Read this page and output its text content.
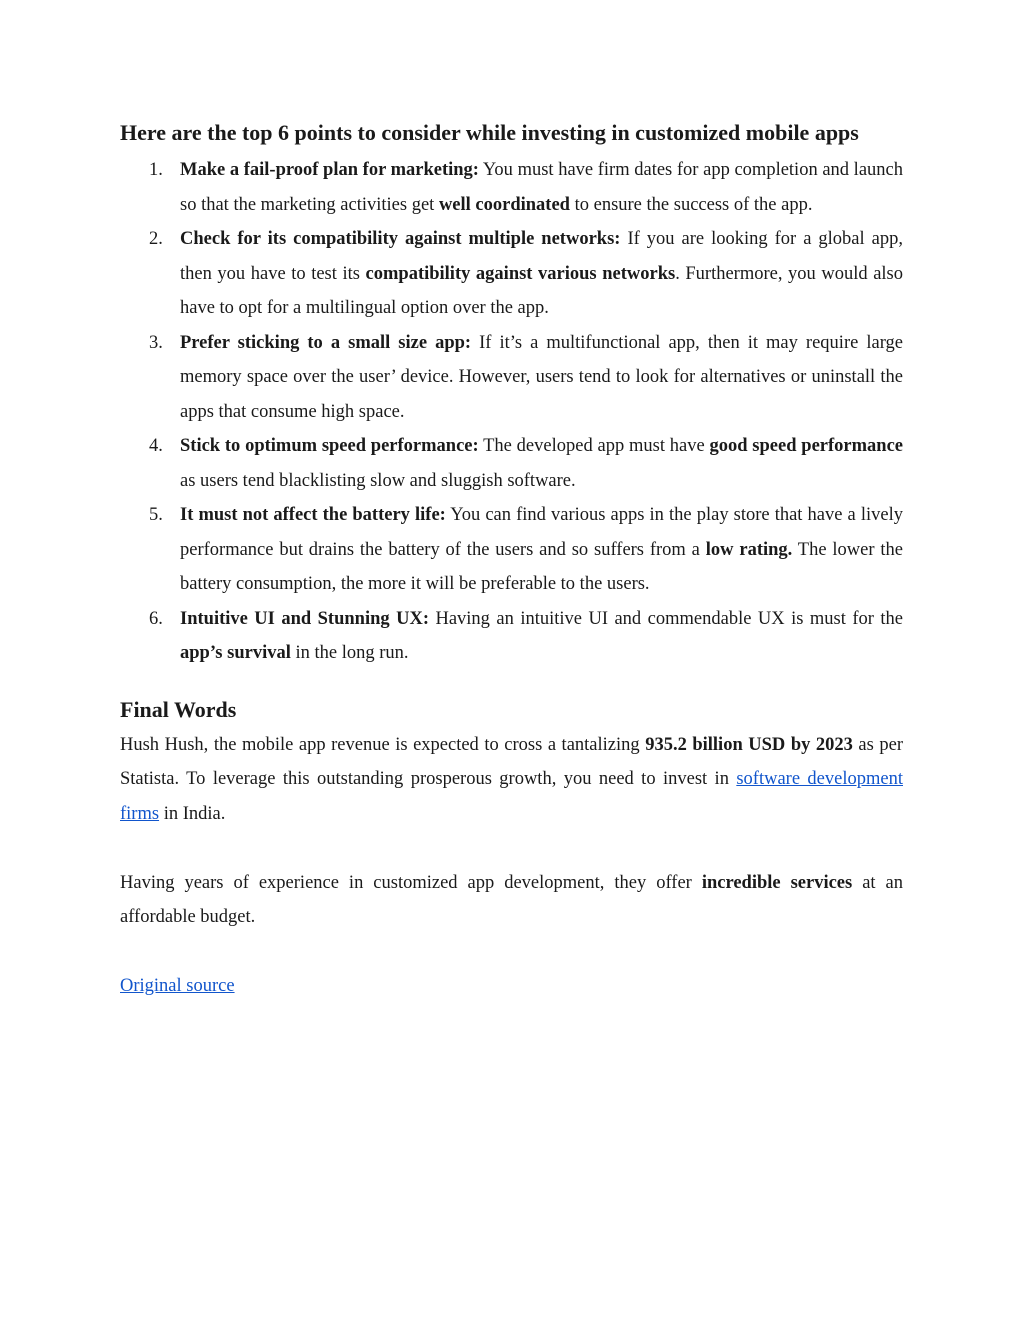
Here are the top 6 points to consider while investing in customized mobile apps
1. Make a fail-proof plan for marketing: You must have firm dates for app completion and launch so that the marketing activities get well coordinated to ensure the success of the app.
2. Check for its compatibility against multiple networks: If you are looking for a global app, then you have to test its compatibility against various networks. Furthermore, you would also have to opt for a multilingual option over the app.
3. Prefer sticking to a small size app: If it’s a multifunctional app, then it may require large memory space over the user’ device. However, users tend to look for alternatives or uninstall the apps that consume high space.
4. Stick to optimum speed performance: The developed app must have good speed performance as users tend blacklisting slow and sluggish software.
5. It must not affect the battery life: You can find various apps in the play store that have a lively performance but drains the battery of the users and so suffers from a low rating. The lower the battery consumption, the more it will be preferable to the users.
6. Intuitive UI and Stunning UX: Having an intuitive UI and commendable UX is must for the app’s survival in the long run.
Final Words

Hush Hush, the mobile app revenue is expected to cross a tantalizing 935.2 billion USD by 2023 as per Statista. To leverage this outstanding prosperous growth, you need to invest in software development firms in India.

Having years of experience in customized app development, they offer incredible services at an affordable budget.

Original source
